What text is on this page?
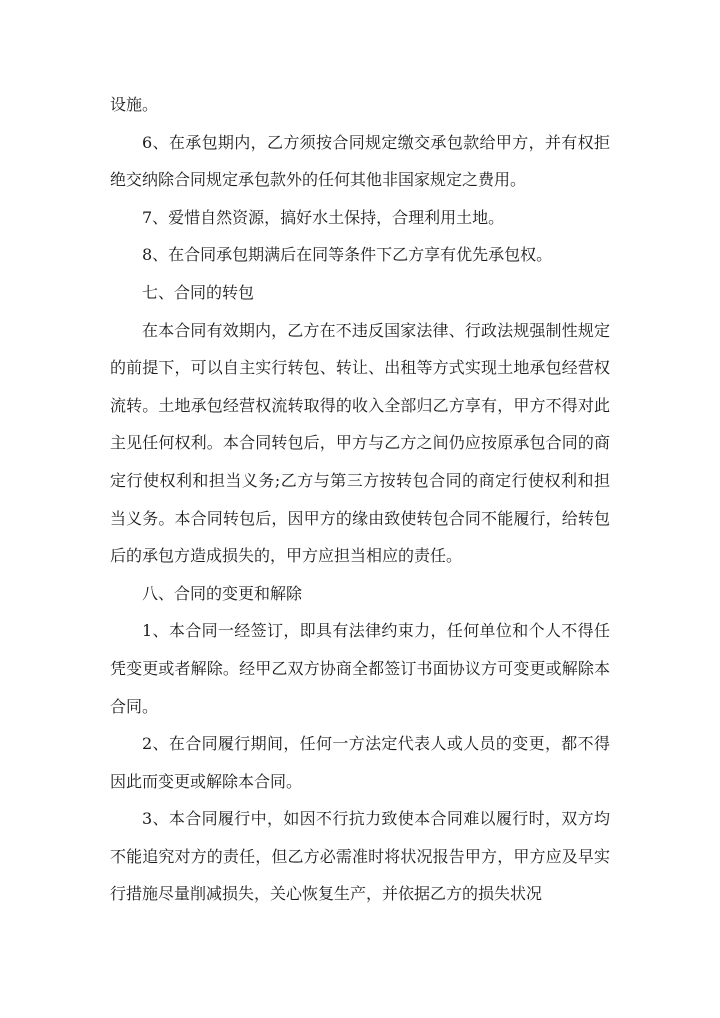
设施。

6、在承包期内，乙方须按合同规定缴交承包款给甲方，并有权拒绝交纳除合同规定承包款外的任何其他非国家规定之费用。

7、爱惜自然资源，搞好水土保持，合理利用土地。

8、在合同承包期满后在同等条件下乙方享有优先承包权。

七、合同的转包

在本合同有效期内，乙方在不违反国家法律、行政法规强制性规定的前提下，可以自主实行转包、转让、出租等方式实现土地承包经营权流转。土地承包经营权流转取得的收入全部归乙方享有，甲方不得对此主见任何权利。本合同转包后，甲方与乙方之间仍应按原承包合同的商定行使权利和担当义务;乙方与第三方按转包合同的商定行使权利和担当义务。本合同转包后，因甲方的缘由致使转包合同不能履行，给转包后的承包方造成损失的，甲方应担当相应的责任。

八、合同的变更和解除

1、本合同一经签订，即具有法律约束力，任何单位和个人不得任凭变更或者解除。经甲乙双方协商全都签订书面协议方可变更或解除本合同。

2、在合同履行期间，任何一方法定代表人或人员的变更，都不得因此而变更或解除本合同。

3、本合同履行中，如因不行抗力致使本合同难以履行时，双方均不能追究对方的责任，但乙方必需准时将状况报告甲方，甲方应及早实行措施尽量削减损失，关心恢复生产，并依据乙方的损失状况
